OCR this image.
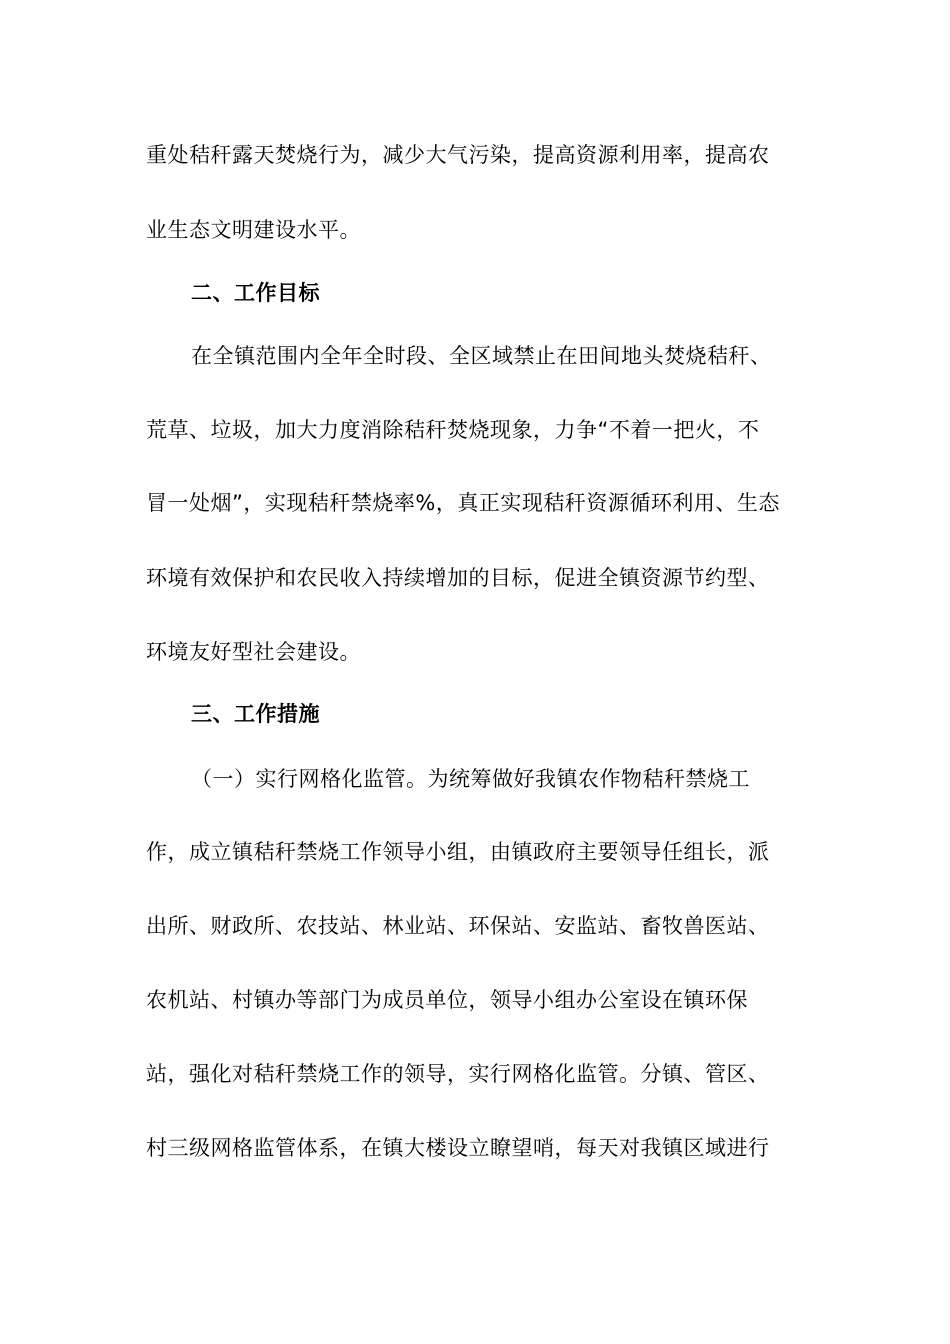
重处秸秆露天焚烧行为，减少大气污染，提高资源利用率，提高农
业生态文明建设水平。
二、工作目标
在全镇范围内全年全时段、全区域禁止在田间地头焚烧秸秆、
荒草、垃圾，加大力度消除秸秆焚烧现象，力争“不着一把火，不
冒一处烟”，实现秸秆禁烧率%，真正实现秸秆资源循环利用、生态
环境有效保护和农民收入持续增加的目标，促进全镇资源节约型、
环境友好型社会建设。
三、工作措施
（一）实行网格化监管。为统筹做好我镇农作物秸秆禁烧工
作，成立镇秸秆禁烧工作领导小组，由镇政府主要领导任组长，派
出所、财政所、农技站、林业站、环保站、安监站、畜牧兽医站、
农机站、村镇办等部门为成员单位，领导小组办公室设在镇环保
站，强化对秸秆禁烧工作的领导，实行网格化监管。分镇、管区、
村三级网格监管体系，在镇大楼设立瞭望哨，每天对我镇区域进行
